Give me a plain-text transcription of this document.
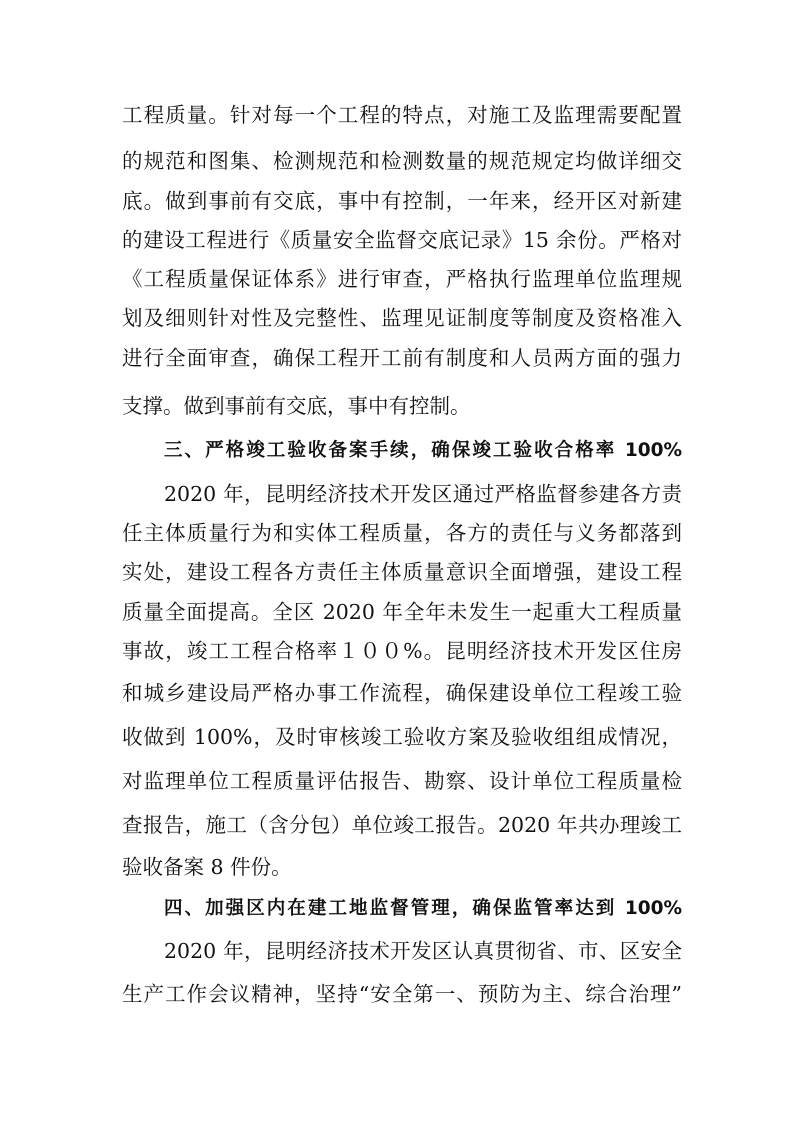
工程质量。针对每一个工程的特点，对施工及监理需要配置
的规范和图集、检测规范和检测数量的规范规定均做详细交
底。做到事前有交底，事中有控制，一年来，经开区对新建
的建设工程进行《质量安全监督交底记录》15 余份。严格对
《工程质量保证体系》进行审查，严格执行监理单位监理规
划及细则针对性及完整性、监理见证制度等制度及资格准入
进行全面审查，确保工程开工前有制度和人员两方面的强力
支撑。做到事前有交底，事中有控制。
三、严格竣工验收备案手续，确保竣工验收合格率 100%
2020 年，昆明经济技术开发区通过严格监督参建各方责
任主体质量行为和实体工程质量，各方的责任与义务都落到
实处，建设工程各方责任主体质量意识全面增强，建设工程
质量全面提高。全区 2020 年全年未发生一起重大工程质量
事故，竣工工程合格率１００%。昆明经济技术开发区住房
和城乡建设局严格办事工作流程，确保建设单位工程竣工验
收做到 100%，及时审核竣工验收方案及验收组组成情况，
对监理单位工程质量评估报告、勘察、设计单位工程质量检
查报告，施工（含分包）单位竣工报告。2020 年共办理竣工
验收备案 8 件份。
四、加强区内在建工地监督管理，确保监管率达到 100%
2020 年，昆明经济技术开发区认真贯彻省、市、区安全
生产工作会议精神，坚持“安全第一、预防为主、综合治理”
